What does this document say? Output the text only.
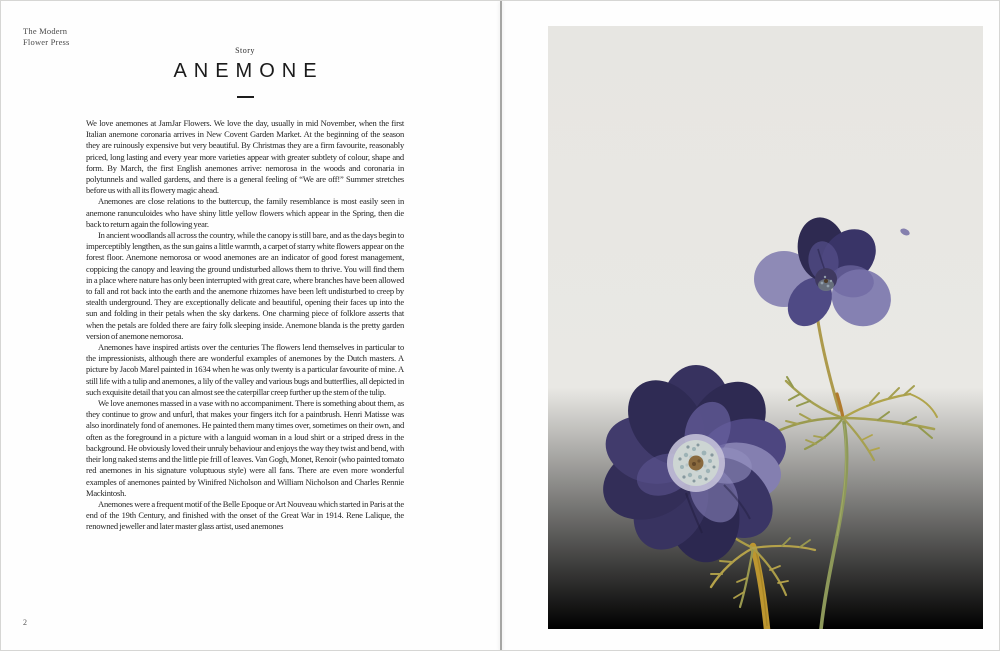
The Modern
Flower Press
Story
ANEMONE

We love anemones at JamJar Flowers. We love the day, usually in mid November, when the first Italian anemone coronaria arrives in New Covent Garden Market. At the beginning of the season they are ruinously expensive but very beautiful. By Christmas they are a firm favourite, reasonably priced, long lasting and every year more varieties appear with greater subtlety of colour, shape and form. By March, the first English anemones arrive: nemorosa in the woods and coronaria in polytunnels and walled gardens, and there is a general feeling of “We are off!” Summer stretches before us with all its flowery magic ahead.

Anemones are close relations to the buttercup, the family resemblance is most easily seen in anemone ranunculoides who have shiny little yellow flowers which appear in the Spring, then die back to return again the following year.

In ancient woodlands all across the country, while the canopy is still bare, and as the days begin to imperceptibly lengthen, as the sun gains a little warmth, a carpet of starry white flowers appear on the forest floor. Anemone nemorosa or wood anemones are an indicator of good forest management, coppicing the canopy and leaving the ground undisturbed allows them to thrive. You will find them in a place where nature has only been interrupted with great care, where branches have been allowed to fall and rot back into the earth and the anemone rhizomes have been left undisturbed to creep by stealth underground. They are exceptionally delicate and beautiful, opening their faces up into the sun and folding in their petals when the sky darkens. One charming piece of folklore asserts that when the petals are folded there are fairy folk sleeping inside. Anemone blanda is the pretty garden version of anemone nemorosa.

Anemones have inspired artists over the centuries The flowers lend themselves in particular to the impressionists, although there are wonderful examples of anemones by the Dutch masters. A picture by Jacob Marel painted in 1634 when he was only twenty is a particular favourite of mine. A still life with a tulip and anemones, a lily of the valley and various bugs and butterflies, all depicted in such exquisite detail that you can almost see the caterpillar creep further up the stem of the tulip.

We love anemones massed in a vase with no accompaniment. There is something about them, as they continue to grow and unfurl, that makes your fingers itch for a paintbrush. Henri Matisse was also inordinately fond of anemones. He painted them many times over, sometimes on their own, and often as the foreground in a picture with a languid woman in a loud shirt or a striped dress in the background. He obviously loved their unruly behaviour and enjoys the way they twist and bend, with their long naked stems and the little pie frill of leaves. Van Gogh, Monet, Renoir (who painted tomato red anemones in his signature voluptuous style) were all fans. There are even more wonderful examples of anemones painted by Winifred Nicholson and William Nicholson and Charles Rennie Mackintosh.

Anemones were a frequent motif of the Belle Epoque or Art Nouveau which started in Paris at the end of the 19th Century, and finished with the onset of the Great War in 1914. Rene Lalique, the renowned jeweller and later master glass artist, used anemones

2
